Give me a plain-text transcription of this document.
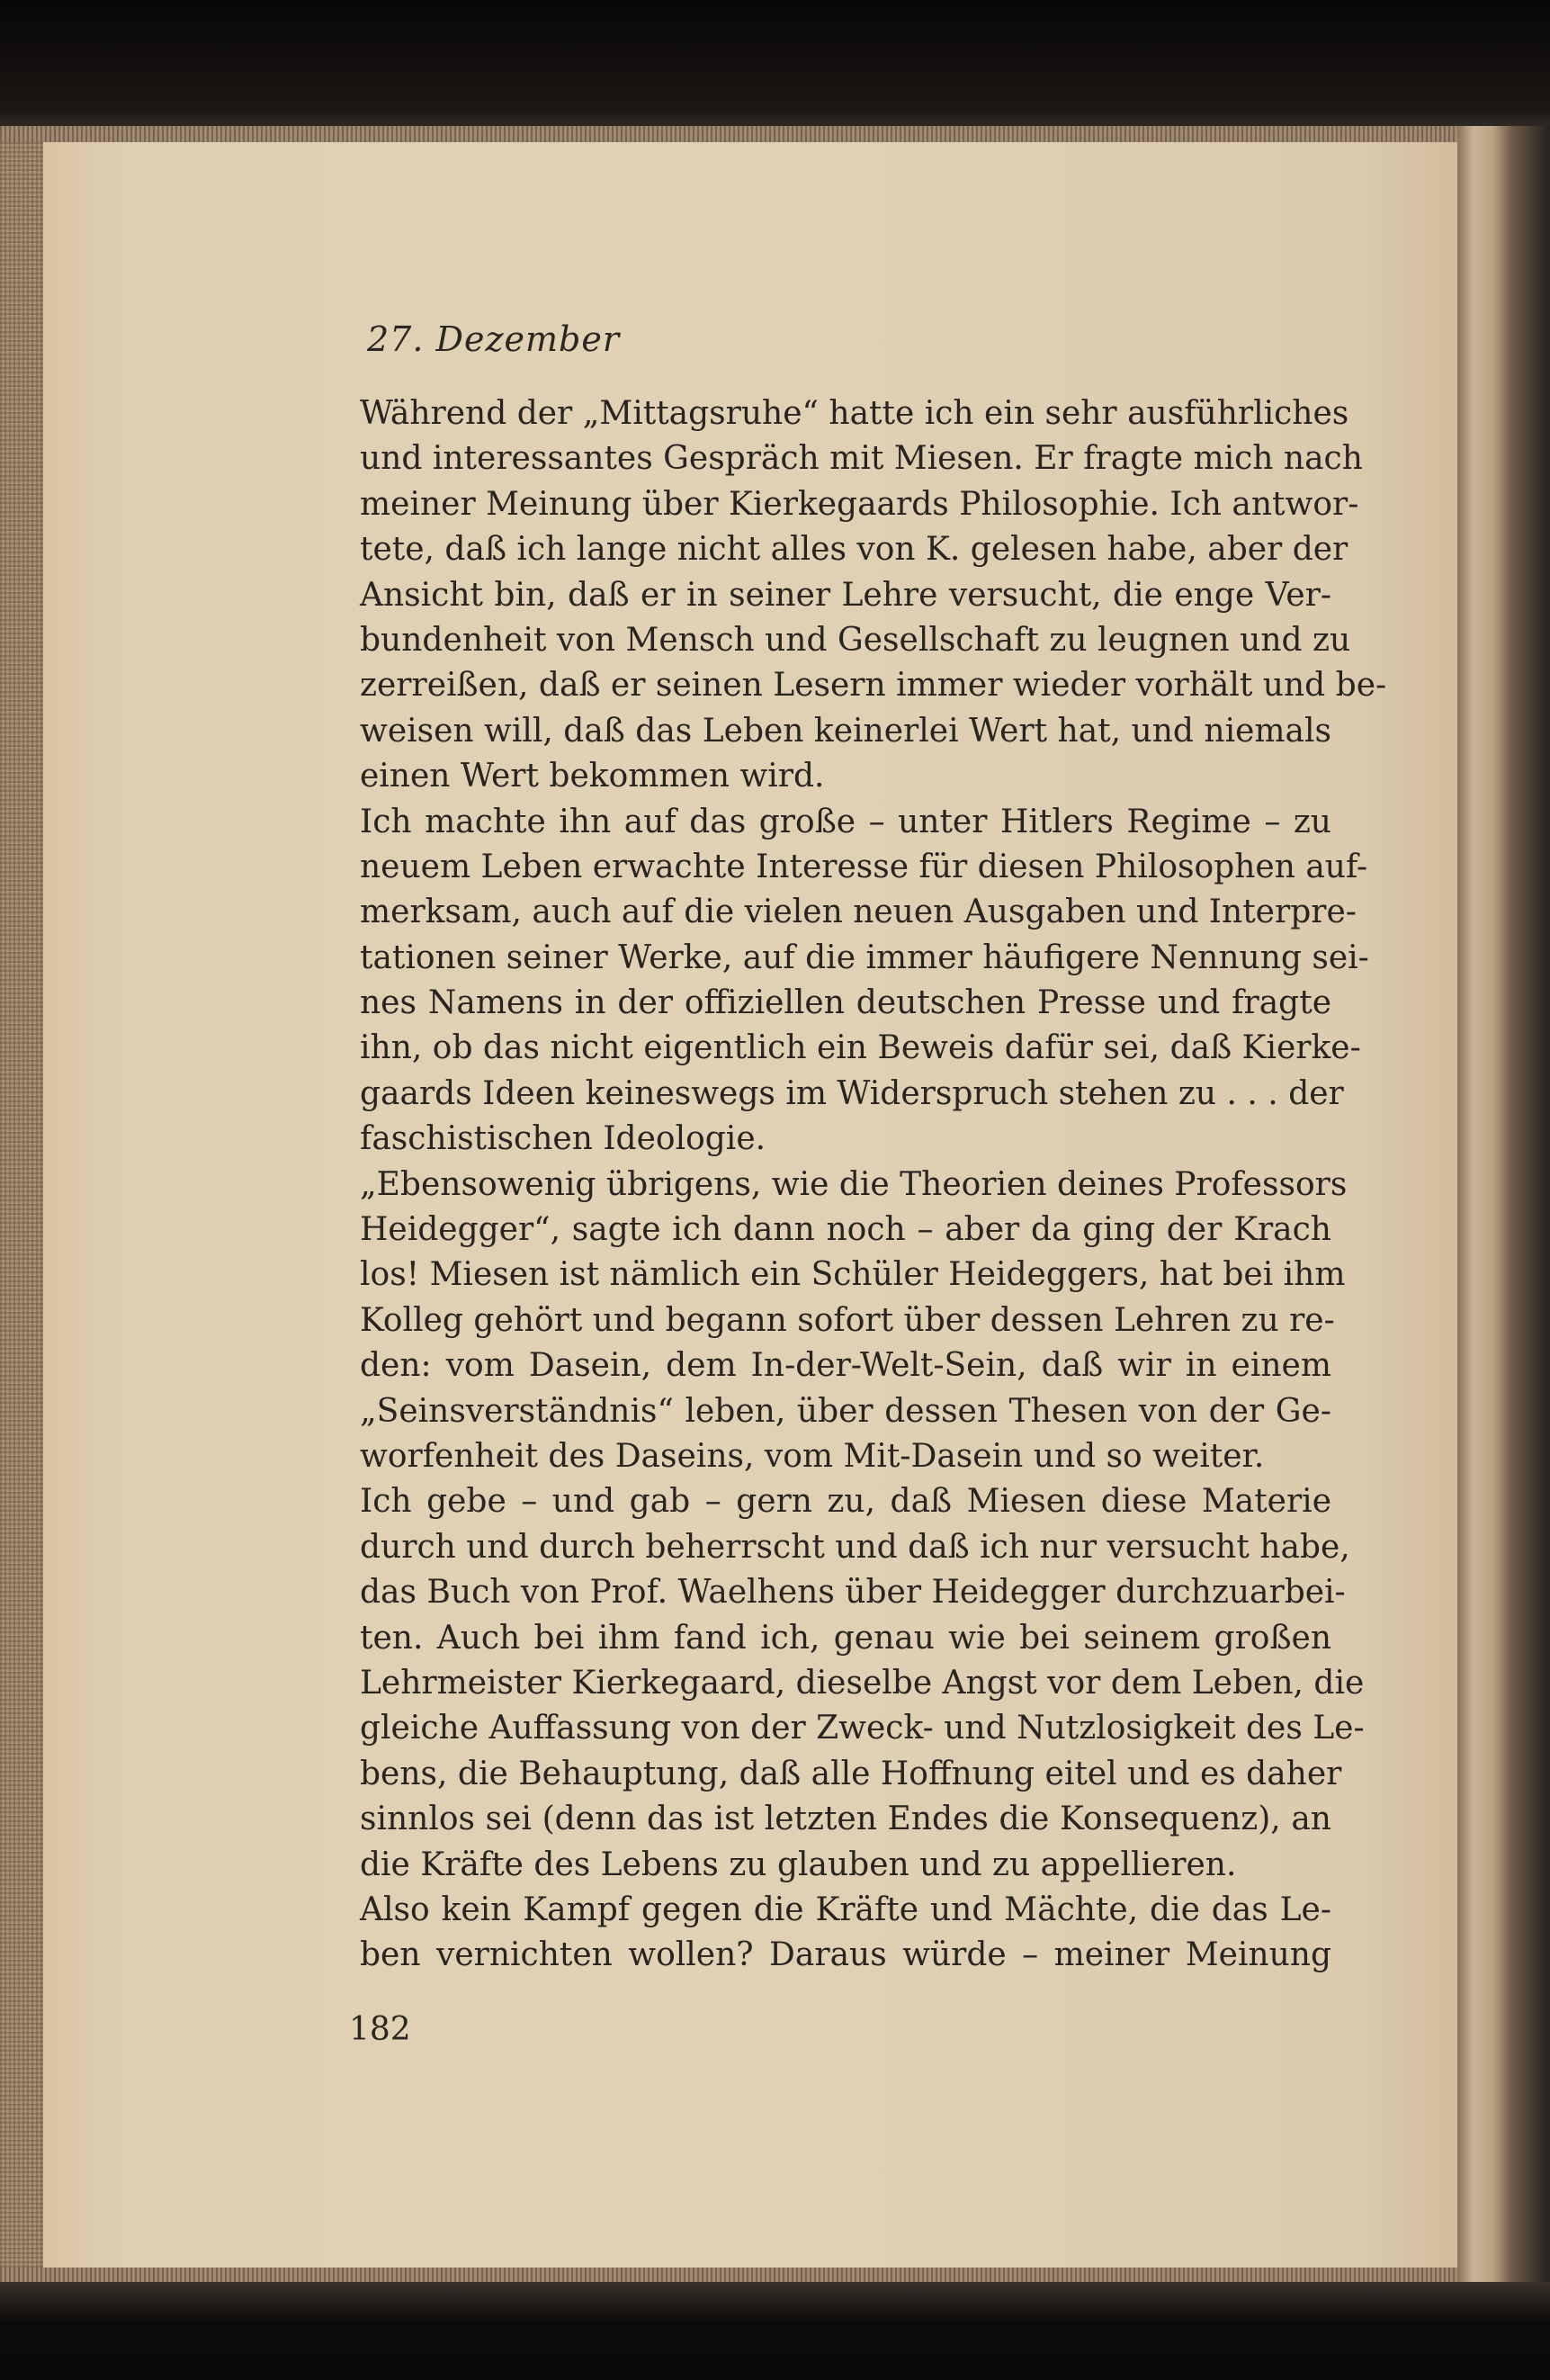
27. Dezember
Während der „Mittagsruhe“ hatte ich ein sehr ausführliches
und interessantes Gespräch mit Miesen. Er fragte mich nach
meiner Meinung über Kierkegaards Philosophie. Ich antwor-
tete, daß ich lange nicht alles von K. gelesen habe, aber der
Ansicht bin, daß er in seiner Lehre versucht, die enge Ver-
bundenheit von Mensch und Gesellschaft zu leugnen und zu
zerreißen, daß er seinen Lesern immer wieder vorhält und be-
weisen will, daß das Leben keinerlei Wert hat, und niemals
einen Wert bekommen wird.
Ich machte ihn auf das große – unter Hitlers Regime – zu
neuem Leben erwachte Interesse für diesen Philosophen auf-
merksam, auch auf die vielen neuen Ausgaben und Interpre-
tationen seiner Werke, auf die immer häufigere Nennung sei-
nes Namens in der offiziellen deutschen Presse und fragte
ihn, ob das nicht eigentlich ein Beweis dafür sei, daß Kierke-
gaards Ideen keineswegs im Widerspruch stehen zu . . . der
faschistischen Ideologie.
„Ebensowenig übrigens, wie die Theorien deines Professors
Heidegger“, sagte ich dann noch – aber da ging der Krach
los! Miesen ist nämlich ein Schüler Heideggers, hat bei ihm
Kolleg gehört und begann sofort über dessen Lehren zu re-
den: vom Dasein, dem In-der-Welt-Sein, daß wir in einem
„Seinsverständnis“ leben, über dessen Thesen von der Ge-
worfenheit des Daseins, vom Mit-Dasein und so weiter.
Ich gebe – und gab – gern zu, daß Miesen diese Materie
durch und durch beherrscht und daß ich nur versucht habe,
das Buch von Prof. Waelhens über Heidegger durchzuarbei-
ten. Auch bei ihm fand ich, genau wie bei seinem großen
Lehrmeister Kierkegaard, dieselbe Angst vor dem Leben, die
gleiche Auffassung von der Zweck- und Nutzlosigkeit des Le-
bens, die Behauptung, daß alle Hoffnung eitel und es daher
sinnlos sei (denn das ist letzten Endes die Konsequenz), an
die Kräfte des Lebens zu glauben und zu appellieren.
Also kein Kampf gegen die Kräfte und Mächte, die das Le-
ben vernichten wollen? Daraus würde – meiner Meinung
182
